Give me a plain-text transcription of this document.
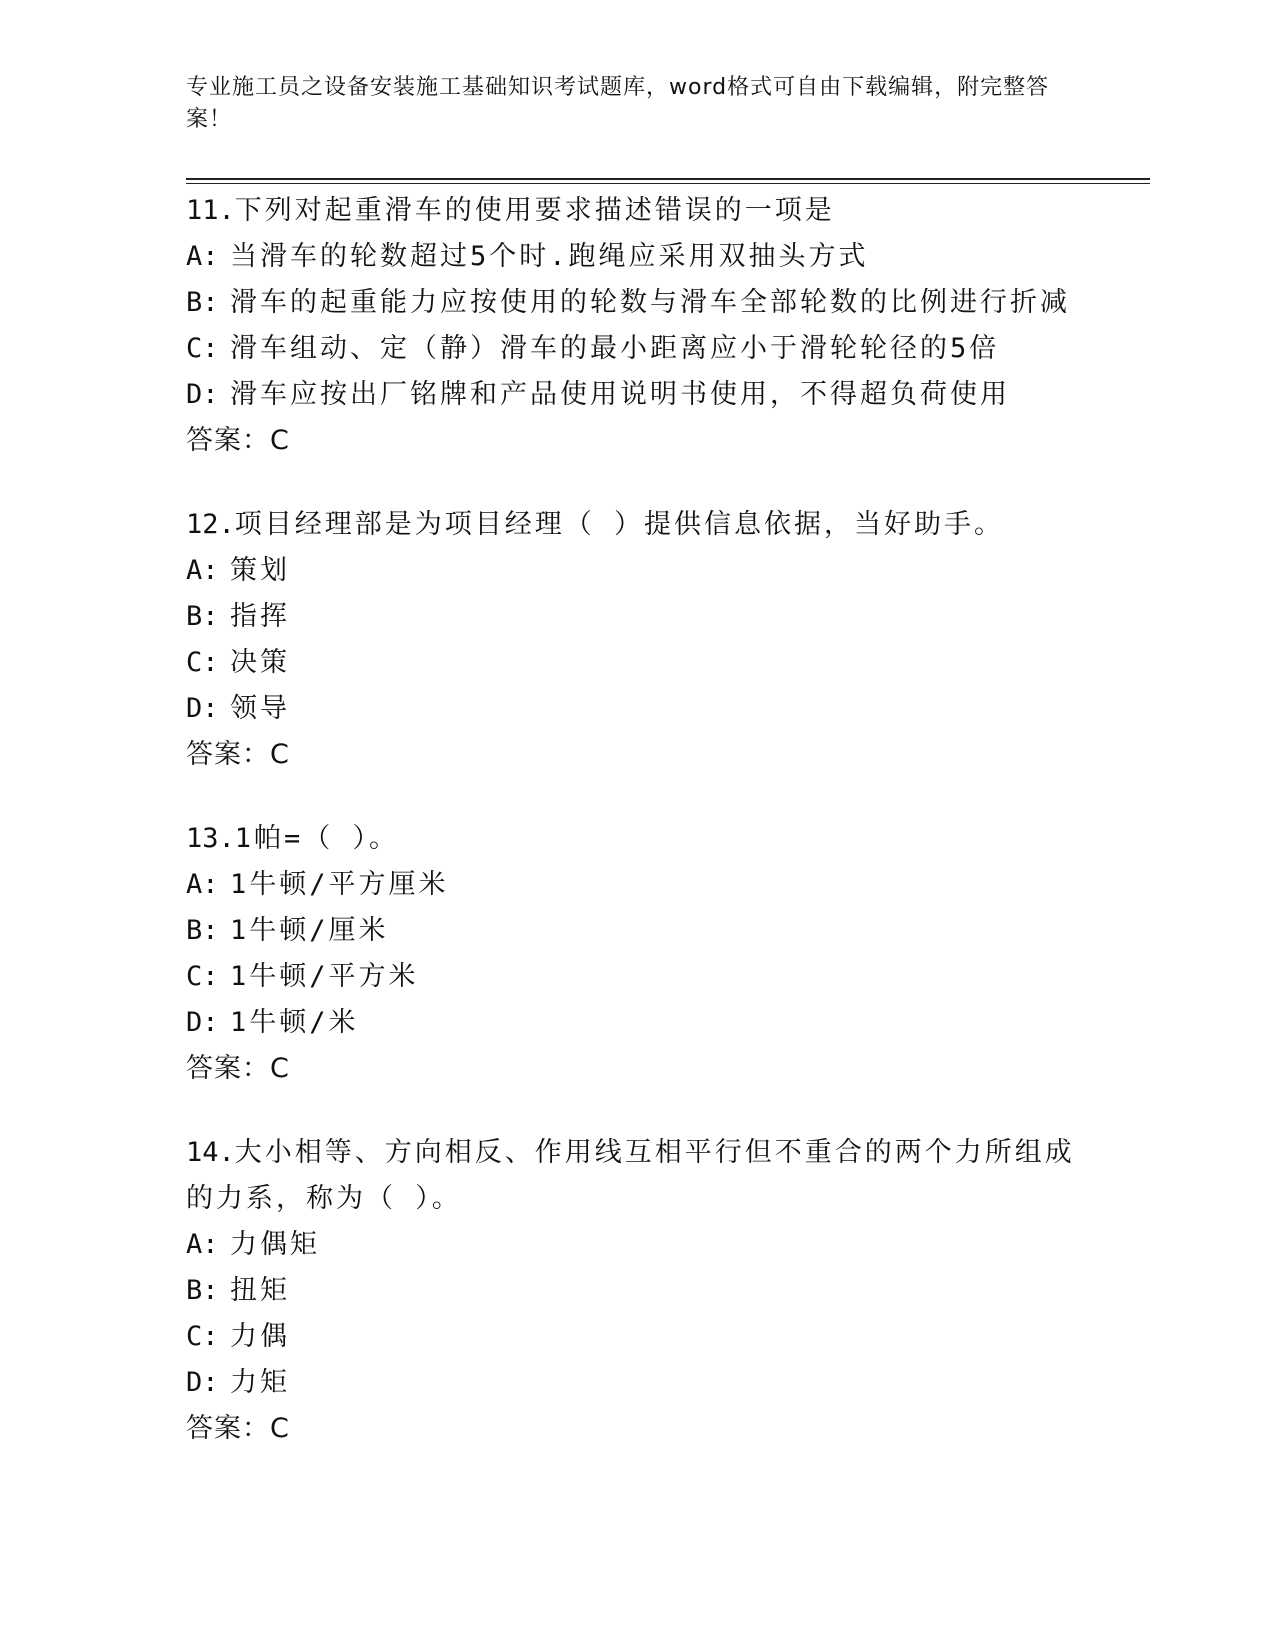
专业施工员之设备安装施工基础知识考试题库，word格式可自由下载编辑，附完整答案！
11.下列对起重滑车的使用要求描述错误的一项是
A: 当滑车的轮数超过5个时.跑绳应采用双抽头方式
B: 滑车的起重能力应按使用的轮数与滑车全部轮数的比例进行折减
C: 滑车组动、定（静）滑车的最小距离应小于滑轮轮径的5倍
D: 滑车应按出厂铭牌和产品使用说明书使用，不得超负荷使用
答案：C
12.项目经理部是为项目经理（ ）提供信息依据，当好助手。
A: 策划
B: 指挥
C: 决策
D: 领导
答案：C
13.1帕=（ ）。
A: 1牛顿/平方厘米
B: 1牛顿/厘米
C: 1牛顿/平方米
D: 1牛顿/米
答案：C
14.大小相等、方向相反、作用线互相平行但不重合的两个力所组成的力系，称为（ ）。
A: 力偶矩
B: 扭矩
C: 力偶
D: 力矩
答案：C
